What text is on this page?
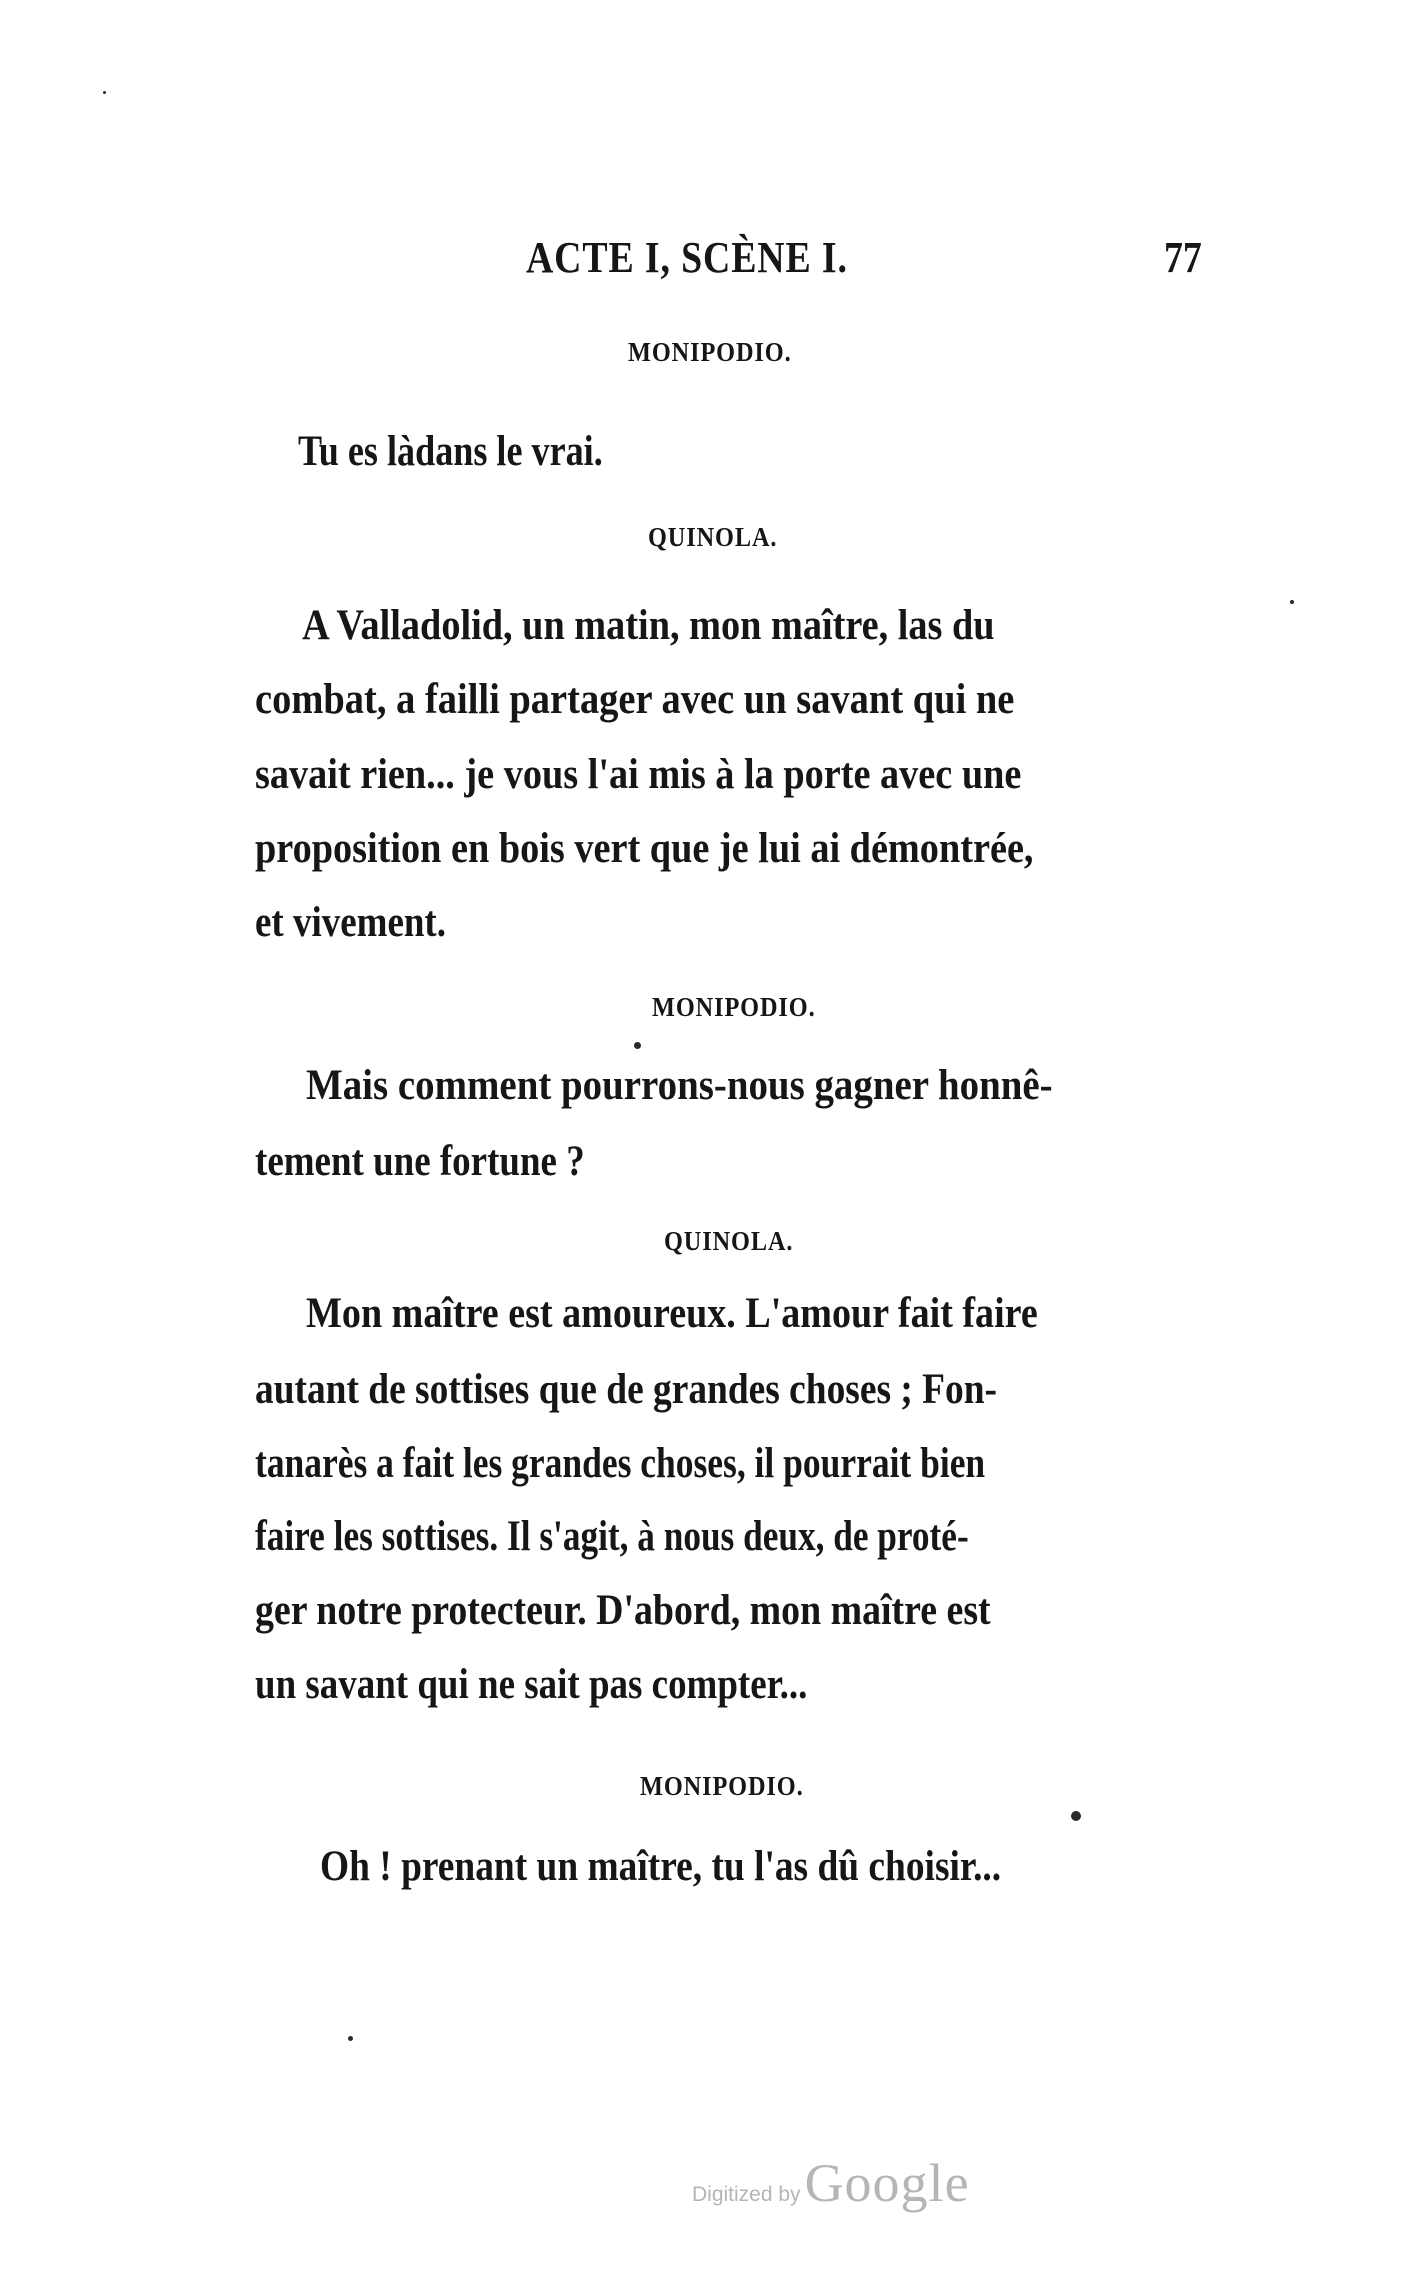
ACTE I, SCÈNE I.	77
MONIPODIO.
Tu es làdans le vrai.
QUINOLA.
A Valladolid, un matin, mon maître, las du
combat, a failli partager avec un savant qui ne
savait rien... je vous l'ai mis à la porte avec une
proposition en bois vert que je lui ai démontrée,
et vivement.
MONIPODIO.
Mais comment pourrons-nous gagner honnê-
tement une fortune ?
QUINOLA.
Mon maître est amoureux. L'amour fait faire
autant de sottises que de grandes choses ; Fon-
tanarès a fait les grandes choses, il pourrait bien
faire les sottises. Il s'agit, à nous deux, de proté-
ger notre protecteur. D'abord, mon maître est
un savant qui ne sait pas compter...
MONIPODIO.
Oh ! prenant un maître, tu l'as dû choisir...
Digitized by Google
